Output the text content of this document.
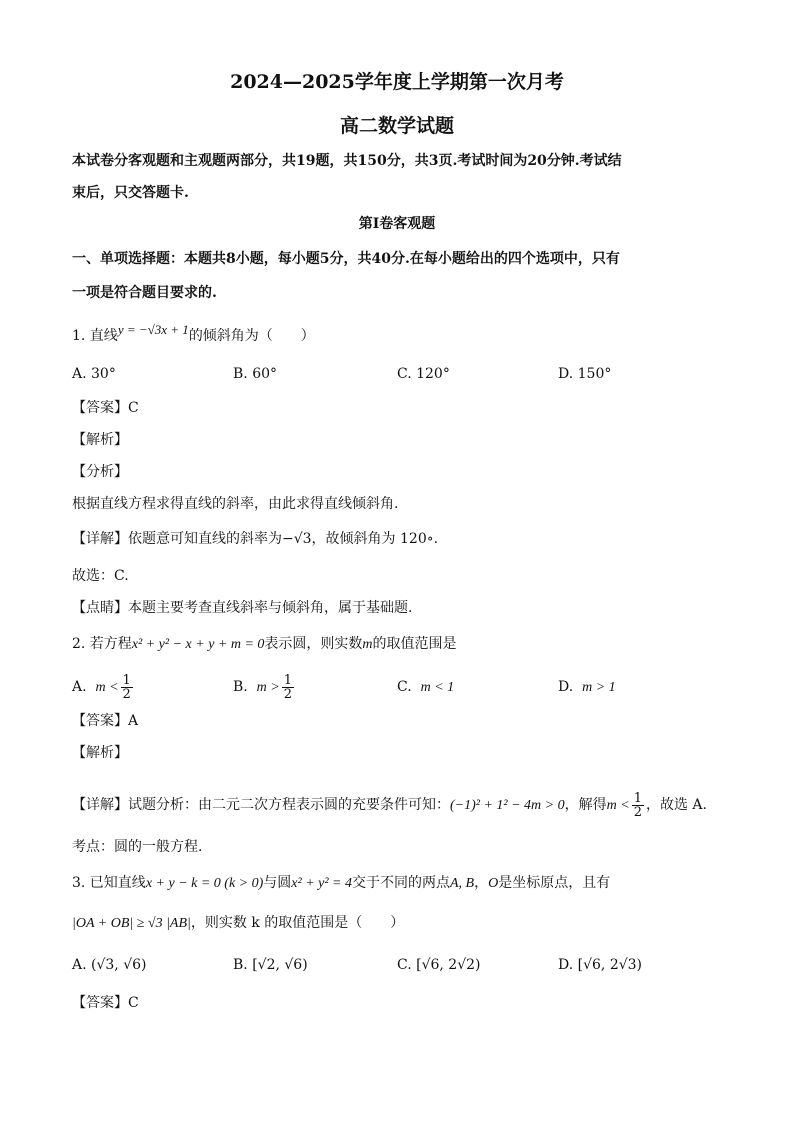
2024—2025学年度上学期第一次月考
高二数学试题
本试卷分客观题和主观题两部分，共19题，共150分，共3页.考试时间为20分钟.考试结
束后，只交答题卡.
第I卷客观题
一、单项选择题：本题共8小题，每小题5分，共40分.在每小题给出的四个选项中，只有
一项是符合题目要求的.
1. 直线y = −√3x + 1的倾斜角为（　　）
A. 30°	B. 60°	C. 120°	D. 150°
【答案】C
【解析】
【分析】
根据直线方程求得直线的斜率，由此求得直线倾斜角.
【详解】依题意可知直线的斜率为−√3，故倾斜角为 120∘.
故选：C.
【点睛】本题主要考查直线斜率与倾斜角，属于基础题.
2. 若方程x² + y² − x + y + m = 0表示圆，则实数m的取值范围是
A. $m < \frac{1}{2}$	B. $m > \frac{1}{2}$	C. m < 1	D. m > 1
【答案】A
【解析】
【详解】试题分析：由二元二次方程表示圆的充要条件可知：(−1)² + 1² − 4m > 0，解得$m < \frac{1}{2}$ ，故选 A.
考点：圆的一般方程.
3. 已知直线x + y − k = 0 (k > 0)与圆x² + y² = 4交于不同的两点A, B，O是坐标原点，且有
|OA + OB| ≥ √3 |AB|，则实数 k 的取值范围是（　　）
A. (√3, √6)	B. [√2, √6)	C. [√6, 2√2)	D. [√6, 2√3)
【答案】C
